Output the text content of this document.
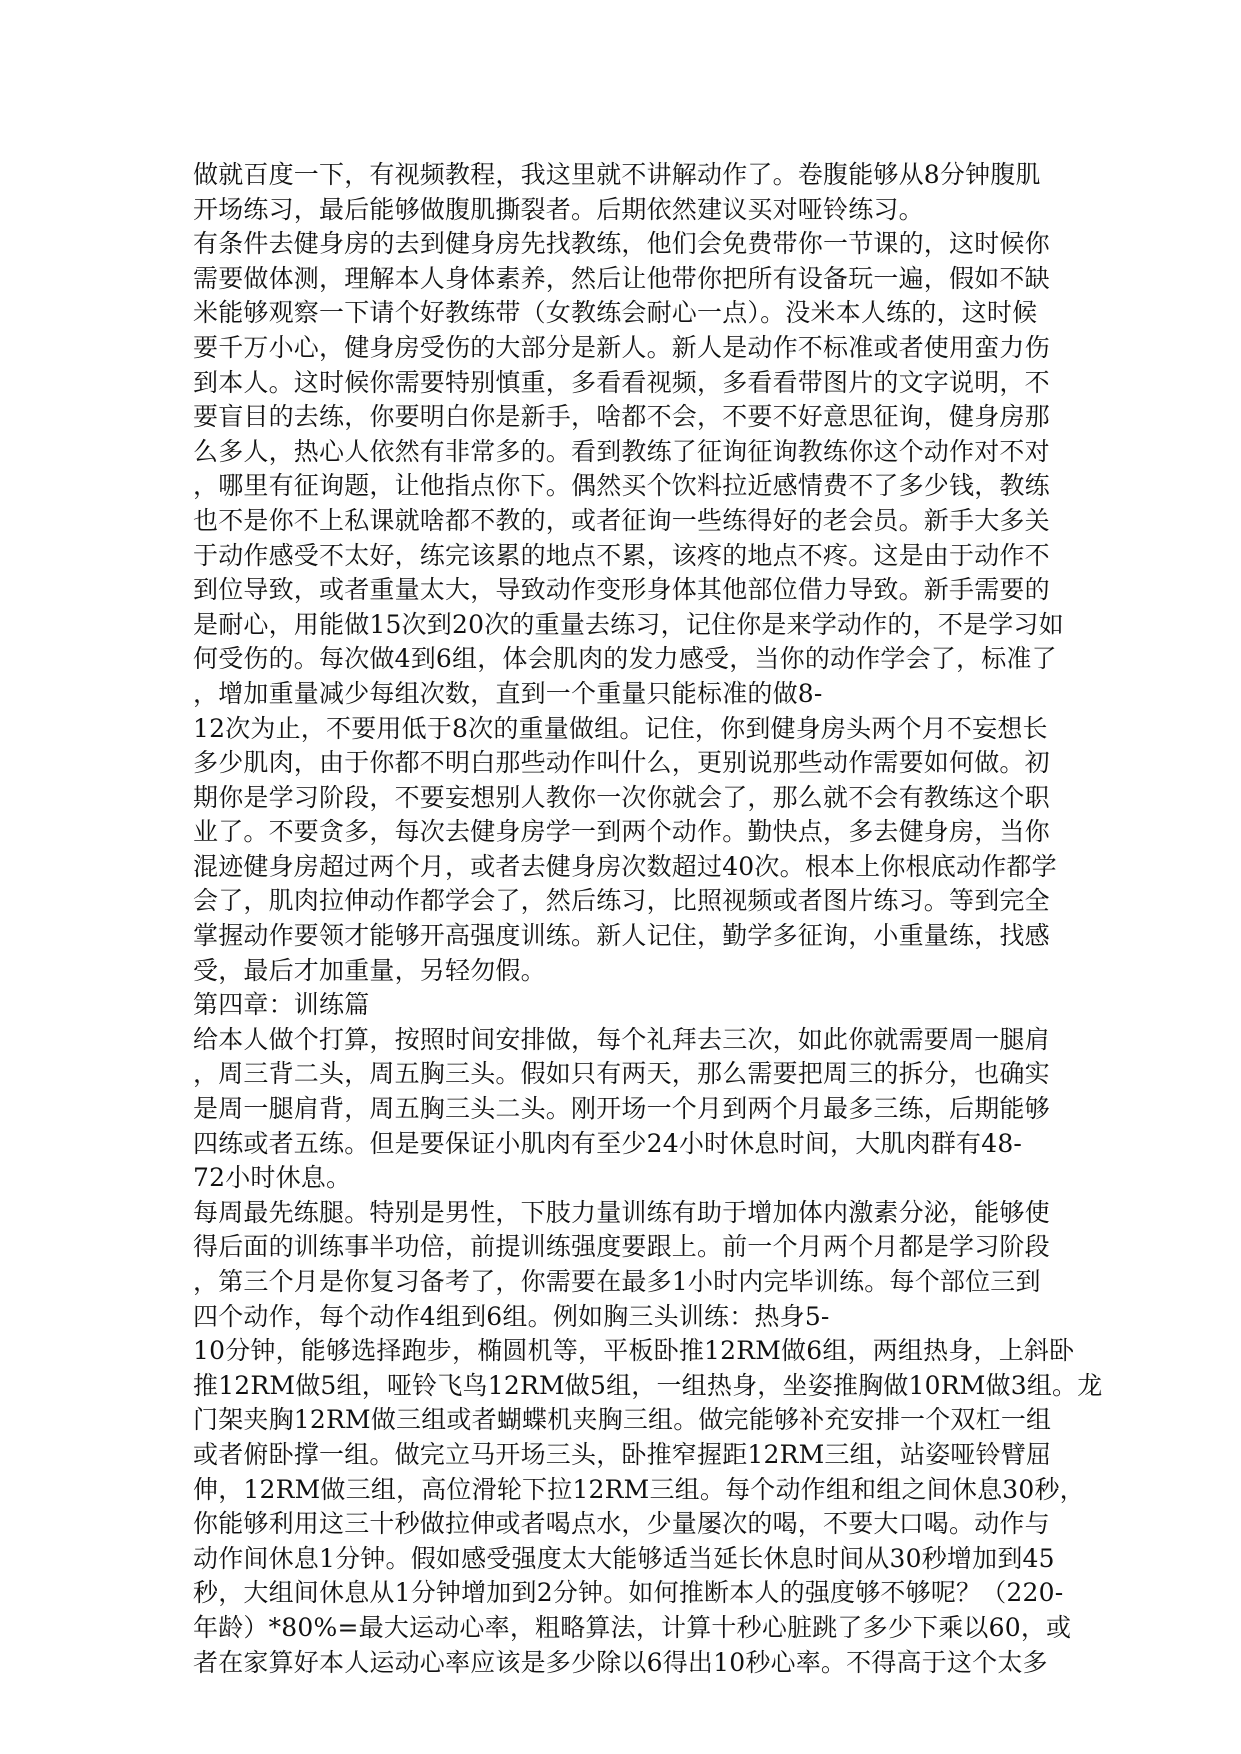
做就百度一下，有视频教程，我这里就不讲解动作了。卷腹能够从8分钟腹肌
开场练习，最后能够做腹肌撕裂者。后期依然建议买对哑铃练习。
有条件去健身房的去到健身房先找教练，他们会免费带你一节课的，这时候你
需要做体测，理解本人身体素养，然后让他带你把所有设备玩一遍，假如不缺
米能够观察一下请个好教练带（女教练会耐心一点）。没米本人练的，这时候
要千万小心，健身房受伤的大部分是新人。新人是动作不标准或者使用蛮力伤
到本人。这时候你需要特别慎重，多看看视频，多看看带图片的文字说明，不
要盲目的去练，你要明白你是新手，啥都不会，不要不好意思征询，健身房那
么多人，热心人依然有非常多的。看到教练了征询征询教练你这个动作对不对
，哪里有征询题，让他指点你下。偶然买个饮料拉近感情费不了多少钱，教练
也不是你不上私课就啥都不教的，或者征询一些练得好的老会员。新手大多关
于动作感受不太好，练完该累的地点不累，该疼的地点不疼。这是由于动作不
到位导致，或者重量太大，导致动作变形身体其他部位借力导致。新手需要的
是耐心，用能做15次到20次的重量去练习，记住你是来学动作的，不是学习如
何受伤的。每次做4到6组，体会肌肉的发力感受，当你的动作学会了，标准了
，增加重量减少每组次数，直到一个重量只能标准的做8-
12次为止，不要用低于8次的重量做组。记住，你到健身房头两个月不妄想长
多少肌肉，由于你都不明白那些动作叫什么，更别说那些动作需要如何做。初
期你是学习阶段，不要妄想别人教你一次你就会了，那么就不会有教练这个职
业了。不要贪多，每次去健身房学一到两个动作。勤快点，多去健身房，当你
混迹健身房超过两个月，或者去健身房次数超过40次。根本上你根底动作都学
会了，肌肉拉伸动作都学会了，然后练习，比照视频或者图片练习。等到完全
掌握动作要领才能够开高强度训练。新人记住，勤学多征询，小重量练，找感
受，最后才加重量，另轻勿假。
第四章：训练篇
给本人做个打算，按照时间安排做，每个礼拜去三次，如此你就需要周一腿肩
，周三背二头，周五胸三头。假如只有两天，那么需要把周三的拆分，也确实
是周一腿肩背，周五胸三头二头。刚开场一个月到两个月最多三练，后期能够
四练或者五练。但是要保证小肌肉有至少24小时休息时间，大肌肉群有48-
72小时休息。
每周最先练腿。特别是男性，下肢力量训练有助于增加体内激素分泌，能够使
得后面的训练事半功倍，前提训练强度要跟上。前一个月两个月都是学习阶段
，第三个月是你复习备考了，你需要在最多1小时内完毕训练。每个部位三到
四个动作，每个动作4组到6组。例如胸三头训练：热身5-
10分钟，能够选择跑步，椭圆机等，平板卧推12RM做6组，两组热身，上斜卧
推12RM做5组，哑铃飞鸟12RM做5组，一组热身，坐姿推胸做10RM做3组。龙
门架夹胸12RM做三组或者蝴蝶机夹胸三组。做完能够补充安排一个双杠一组
或者俯卧撑一组。做完立马开场三头，卧推窄握距12RM三组，站姿哑铃臂屈
伸，12RM做三组，高位滑轮下拉12RM三组。每个动作组和组之间休息30秒，
你能够利用这三十秒做拉伸或者喝点水，少量屡次的喝，不要大口喝。动作与
动作间休息1分钟。假如感受强度太大能够适当延长休息时间从30秒增加到45
秒，大组间休息从1分钟增加到2分钟。如何推断本人的强度够不够呢？（220-
年龄）*80%=最大运动心率，粗略算法，计算十秒心脏跳了多少下乘以60，或
者在家算好本人运动心率应该是多少除以6得出10秒心率。不得高于这个太多
